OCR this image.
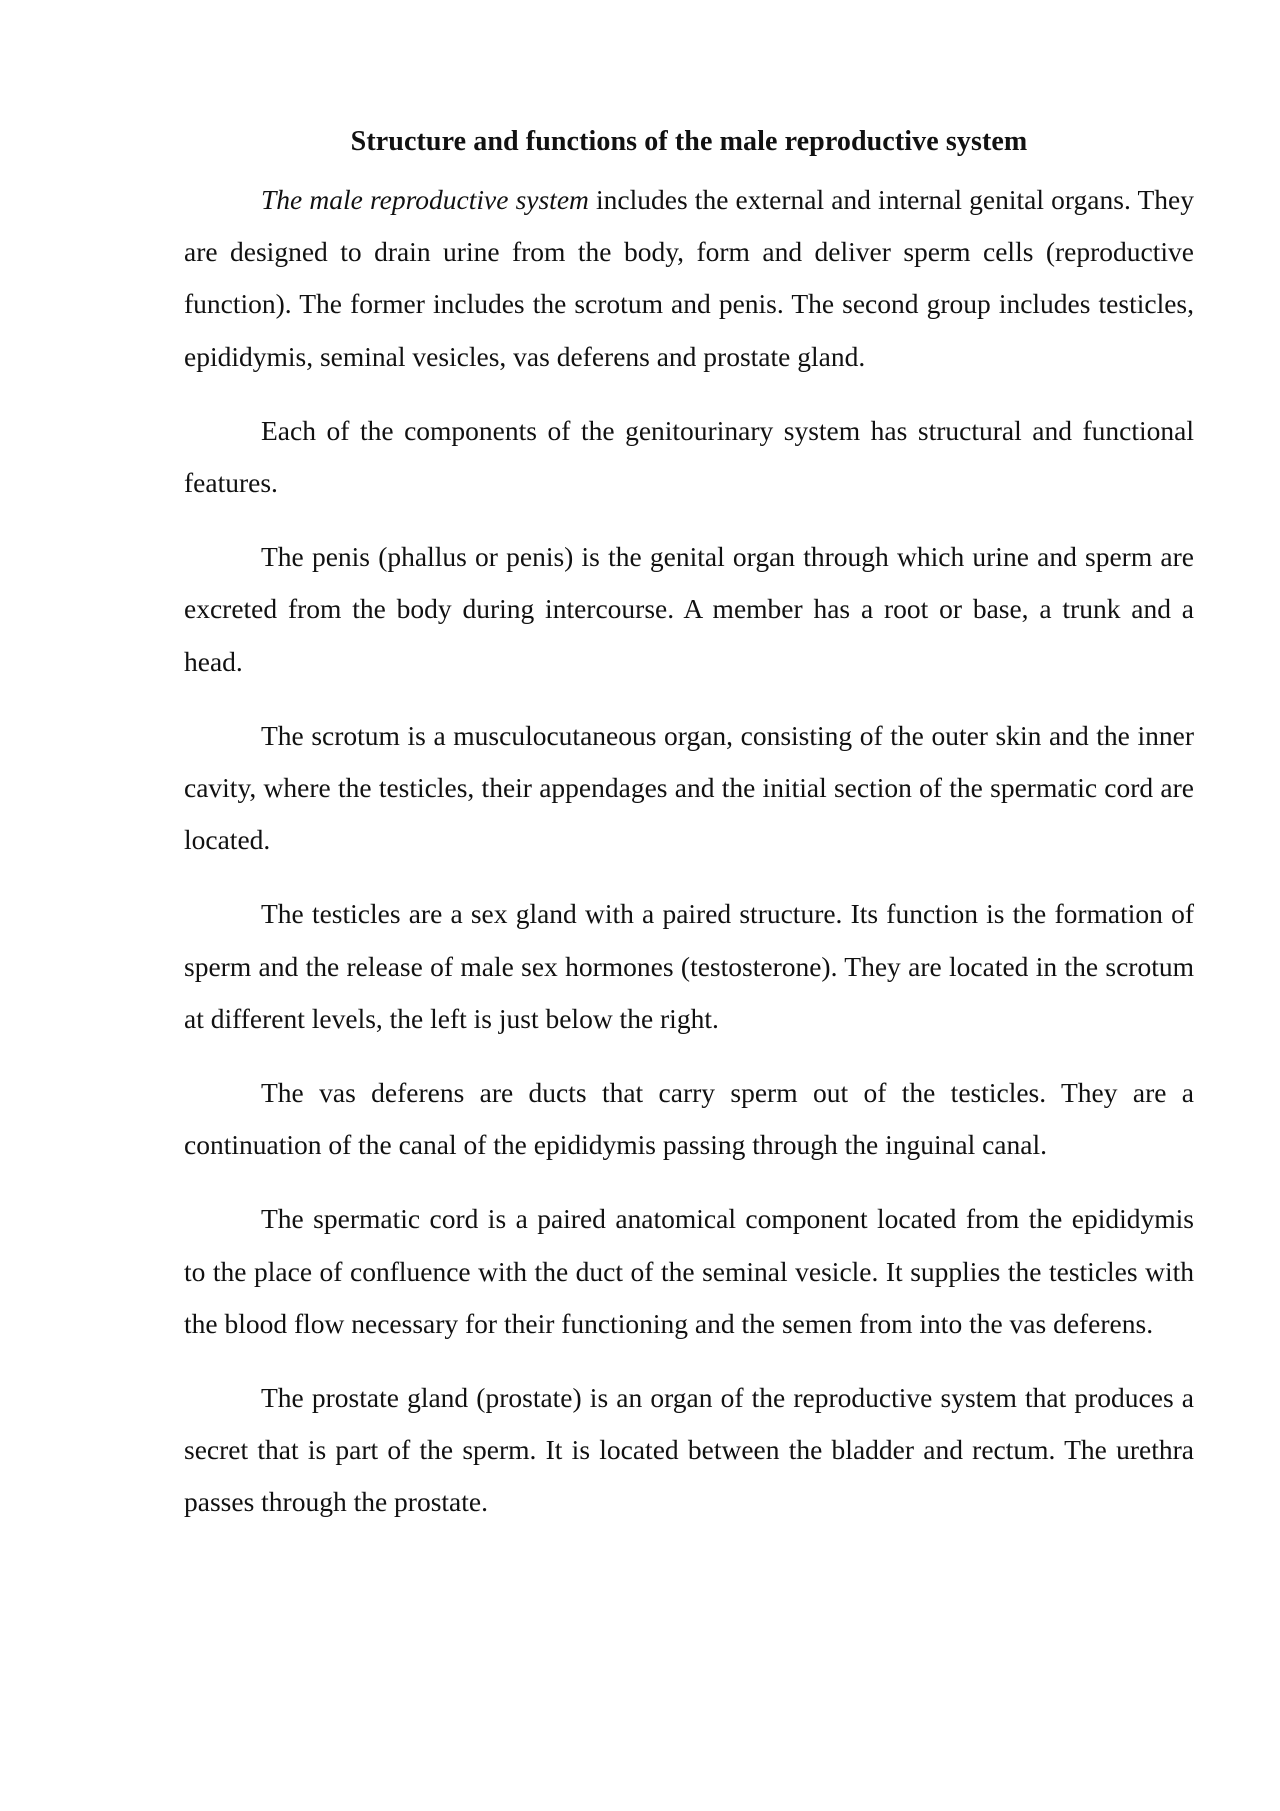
Structure and functions of the male reproductive system

The male reproductive system includes the external and internal genital organs. They are designed to drain urine from the body, form and deliver sperm cells (reproductive function). The former includes the scrotum and penis. The second group includes testicles, epididymis, seminal vesicles, vas deferens and prostate gland.

Each of the components of the genitourinary system has structural and functional features.

The penis (phallus or penis) is the genital organ through which urine and sperm are excreted from the body during intercourse. A member has a root or base, a trunk and a head.

The scrotum is a musculocutaneous organ, consisting of the outer skin and the inner cavity, where the testicles, their appendages and the initial section of the spermatic cord are located.

The testicles are a sex gland with a paired structure. Its function is the formation of sperm and the release of male sex hormones (testosterone). They are located in the scrotum at different levels, the left is just below the right.

The vas deferens are ducts that carry sperm out of the testicles. They are a continuation of the canal of the epididymis passing through the inguinal canal.

The spermatic cord is a paired anatomical component located from the epididymis to the place of confluence with the duct of the seminal vesicle. It supplies the testicles with the blood flow necessary for their functioning and the semen from into the vas deferens.

The prostate gland (prostate) is an organ of the reproductive system that produces a secret that is part of the sperm. It is located between the bladder and rectum. The urethra passes through the prostate.
